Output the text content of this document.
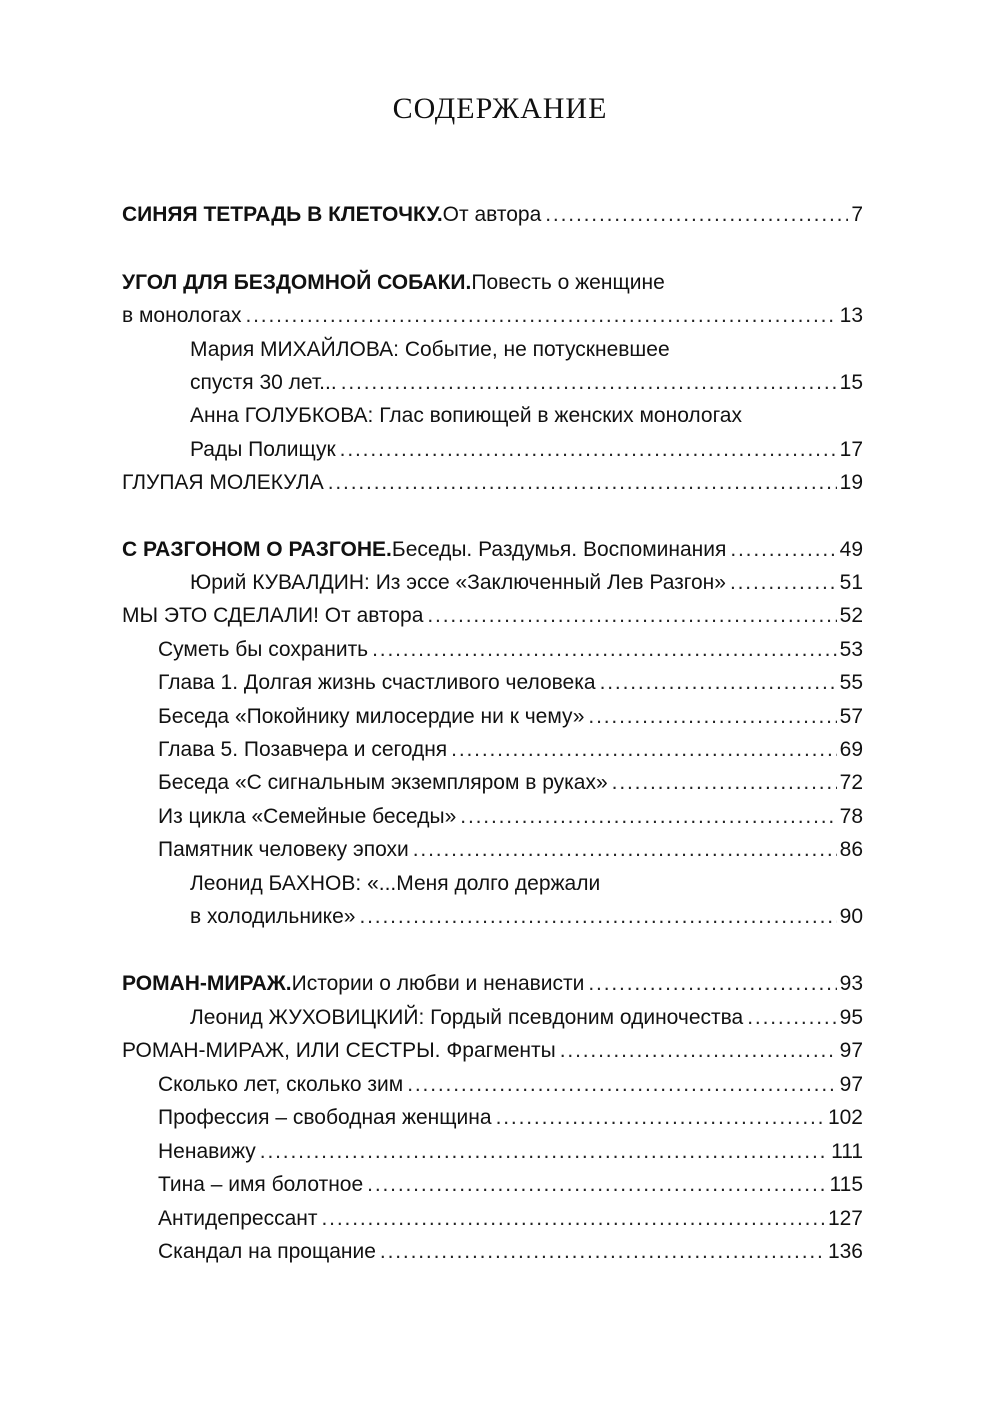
СОДЕРЖАНИЕ
СИНЯЯ ТЕТРАДЬ В КЛЕТОЧКУ. От автора . . .	7
УГОЛ ДЛЯ БЕЗДОМНОЙ СОБАКИ. Повесть о женщине
в монологах . . .	13
Мария МИХАЙЛОВА: Событие, не потускневшее
спустя 30 лет... . . .	15
Анна ГОЛУБКОВА: Глас вопиющей в женских монологах
Рады Полищук . . .	17
ГЛУПАЯ МОЛЕКУЛА . . .	19
С РАЗГОНОМ О РАЗГОНЕ. Беседы. Раздумья. Воспоминания . . .	49
Юрий КУВАЛДИН: Из эссе «Заключенный Лев Разгон» . . .	51
МЫ ЭТО СДЕЛАЛИ! От автора . . .	52
Суметь бы сохранить . . .	53
Глава 1. Долгая жизнь счастливого человека . . .	55
Беседа «Покойнику милосердие ни к чему» . . .	57
Глава 5. Позавчера и сегодня . . .	69
Беседа «С сигнальным экземпляром в руках» . . .	72
Из цикла «Семейные беседы» . . .	78
Памятник человеку эпохи . . .	86
Леонид БАХНОВ: «...Меня долго держали
в холодильнике» . . .	90
РОМАН-МИРАЖ. Истории о любви и ненависти . . .	93
Леонид ЖУХОВИЦКИЙ: Гордый псевдоним одиночества . . .	95
РОМАН-МИРАЖ, ИЛИ СЕСТРЫ. Фрагменты . . .	97
Сколько лет, сколько зим . . .	97
Профессия – свободная женщина . . .	102
Ненавижу . . .	111
Тина – имя болотное . . .	115
Антидепрессант . . .	127
Скандал на прощание . . .	136
